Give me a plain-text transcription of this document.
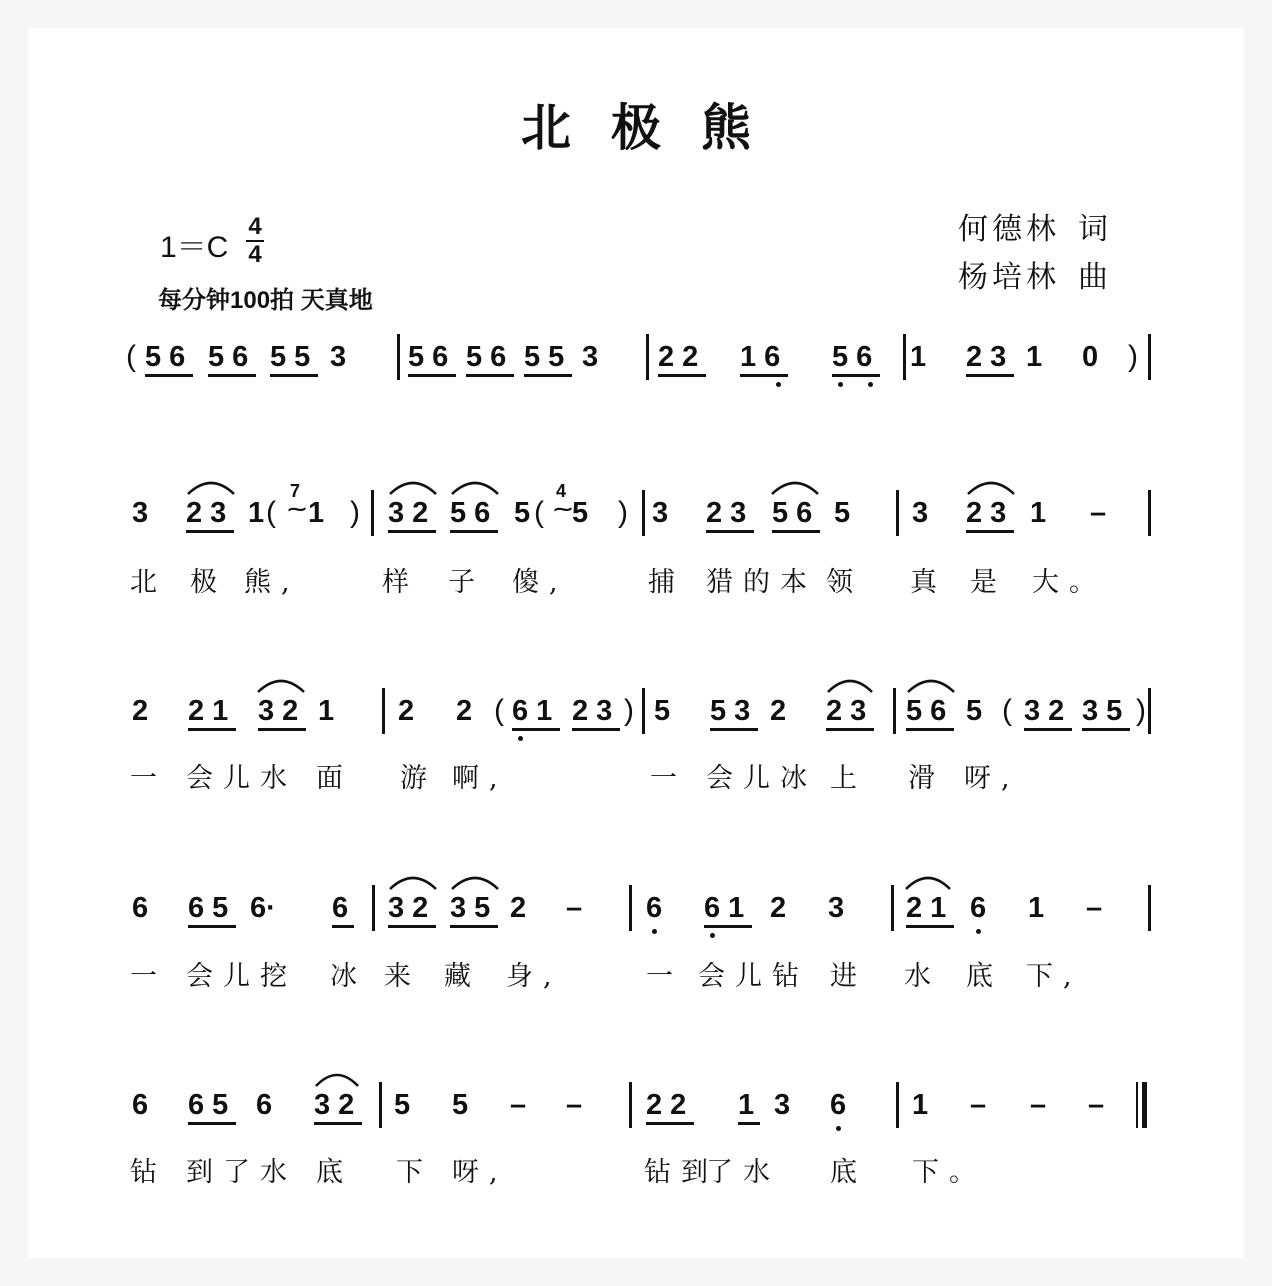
北极熊
1＝C
4
4
每分钟100拍 天真地
何德林 词
杨培林 曲
( 5 6 5 6 5 5 3 5 6 5 6 5 5 3 2 2 1 6 5 6 1 2 3 1 0 )
3 2 3 1 ( ⁓
7
1 ) 3 2 5 6 5 ( ⁓
4
5 ) 3 2 3 5 6 5 3 2 3 1 –
北 极 熊,	样 子 傻,	捕 猎的本 领 真 是 大。
2 2 1 3 2 1 2 2 ( 6 1 2 3 ) 5 5 3 2 2 3 5 6 5 ( 3 2 3 5 )
一 会儿水 面 游 啊,	一 会儿冰 上 滑 呀,
6 6 5 6· 6 3 2 3 5 2 – 6 6 1 2 3 2 1 6 1 –
一 会儿挖 冰 来 藏 身,	一 会儿钻 进 水 底 下,
6 6 5 6 3 2 5 5 – – 2 2 1 3 6 1 – – –
钻 到了水 底 下 呀,	钻到
了水 底 下。
